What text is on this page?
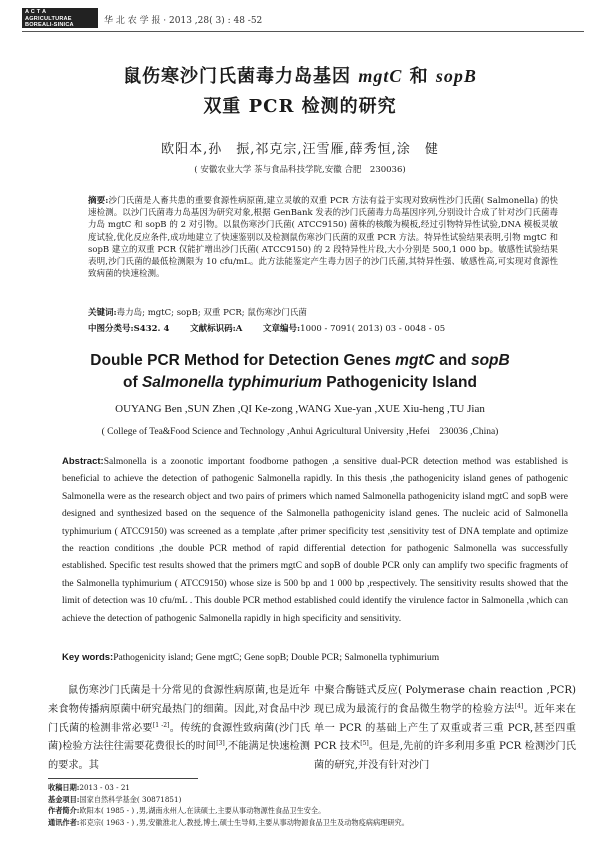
A C T A
AGRICULTURAE
BOREALI-SINICA	华 北 农 学 报 · 2013 ,28( 3) : 48 -52
鼠伤寒沙门氏菌毒力岛基因 mgtC 和 sopB
双重 PCR 检测的研究
欧阳本,孙　振,祁克宗,汪雪雁,薛秀恒,涂　健
( 安徽农业大学 茶与食品科技学院,安徽 合肥　230036)
摘要:沙门氏菌是人畜共患的重要食源性病原菌,建立灵敏的双重 PCR 方法有益于实现对致病性沙门氏菌( Salmonella) 的快速检测。以沙门氏菌毒力岛基因为研究对象,根据 GenBank 发表的沙门氏菌毒力岛基因序列,分别设计合成了针对沙门氏菌毒力岛 mgtC 和 sopB 的 2 对引物。以鼠伤寒沙门氏菌( ATCC9150) 菌株的核酸为模板,经过引物特异性试验,DNA 模板灵敏度试验,优化反应条件,成功地建立了快速鉴别以及检测鼠伤寒沙门氏菌的双重 PCR 方法。特异性试验结果表明,引物 mgtC 和 sopB 建立的双重 PCR 仅能扩增出沙门氏菌( ATCC9150) 的 2 段特异性片段,大小分别是 500,1 000 bp。敏感性试验结果表明,沙门氏菌的最低检测限为 10 cfu/mL。此方法能鉴定产生毒力因子的沙门氏菌,其特异性强、敏感性高,可实现对食源性致病菌的快速检测。
关键词:毒力岛; mgtC; sopB; 双重 PCR; 鼠伤寒沙门氏菌
中图分类号:S432. 4 文献标识码:A 文章编号:1000 - 7091( 2013) 03 - 0048 - 05
Double PCR Method for Detection Genes mgtC and sopB
of Salmonella typhimurium Pathogenicity Island
OUYANG Ben ,SUN Zhen ,QI Ke-zong ,WANG Xue-yan ,XUE Xiu-heng ,TU Jian
( College of Tea&Food Science and Technology ,Anhui Agricultural University ,Hefei　230036 ,China)
Abstract:Salmonella is a zoonotic important foodborne pathogen ,a sensitive dual-PCR detection method was established is beneficial to achieve the detection of pathogenic Salmonella rapidly. In this thesis ,the pathogenicity island genes of pathogenic Salmonella were as the research object and two pairs of primers which named Salmonella pathogenicity island mgtC and sopB were designed and synthesized based on the sequence of the Salmonella pathogenicity island genes. The nucleic acid of Salmonella typhimurium ( ATCC9150) was screened as a template ,after primer specificity test ,sensitivity test of DNA template and optimize the reaction conditions ,the double PCR method of rapid differential detection for pathogenic Salmonella was successfully established. Specific test results showed that the primers mgtC and sopB of double PCR only can amplify two specific fragments of the Salmonella typhimurium ( ATCC9150) whose size is 500 bp and 1 000 bp ,respectively. The sensitivity results showed that the limit of detection was 10 cfu/mL . This double PCR method established could identify the virulence factor in Salmonella ,which can achieve the detection of pathogenic Salmonella rapidly in high specificity and sensitivity.
Key words:Pathogenicity island; Gene mgtC; Gene sopB; Double PCR; Salmonella typhimurium
鼠伤寒沙门氏菌是十分常见的食源性病原菌,也是近年来食物传播病原菌中研究最热门的细菌。因此,对食品中沙门氏菌的检测非常必要[1 -2]。传统的食源性致病菌(沙门氏菌)检验方法往往需要花费很长的时间[3],不能满足快速检测的要求。其
中聚合酶链式反应( Polymerase chain reaction ,PCR) 现已成为最流行的食品微生物学的检验方法[4]。近年来在单一 PCR 的基础上产生了双重或者三重 PCR,甚至四重 PCR 技术[5]。但是,先前的许多利用多重 PCR 检测沙门氏菌的研究,并没有针对沙门
收稿日期:2013 - 03 - 21
基金项目:国家自然科学基金( 30871851)
作者简介:欧阳本( 1985 - ) ,男,湖南永州人,在读硕士,主要从事动物源性食品卫生安全。
通讯作者:祁克宗( 1963 - ) ,男,安徽淮北人,教授,博士,硕士生导师,主要从事动物源食品卫生及动物疫病病理研究。
